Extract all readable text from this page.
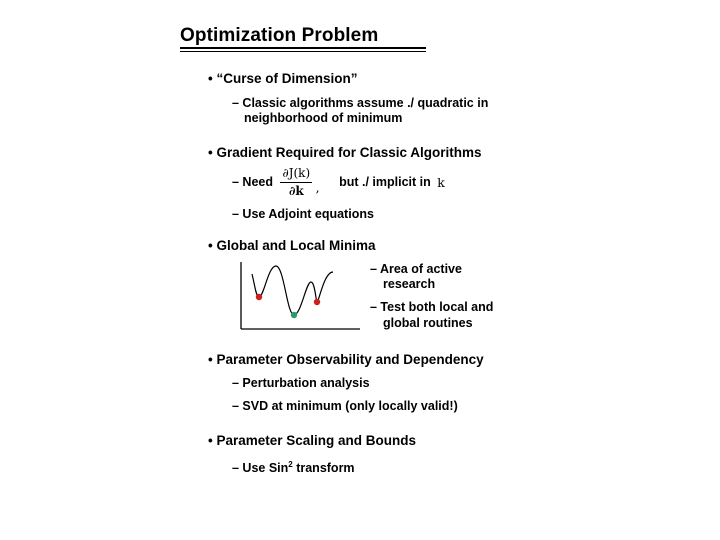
Optimization Problem
• “Curse of Dimension”
– Classic algorithms assume ./ quadratic in
neighborhood of minimum
• Gradient Required for Classic Algorithms
– Need $\frac{\partial J(k)}{\partial k}$ , but ./ implicit in k
– Use Adjoint equations
• Global and Local Minima
– Area of active
research
– Test both local and
global routines
• Parameter Observability and Dependency
– Perturbation analysis
– SVD at minimum (only locally valid!)
• Parameter Scaling and Bounds
– Use Sin$^2$ transform
